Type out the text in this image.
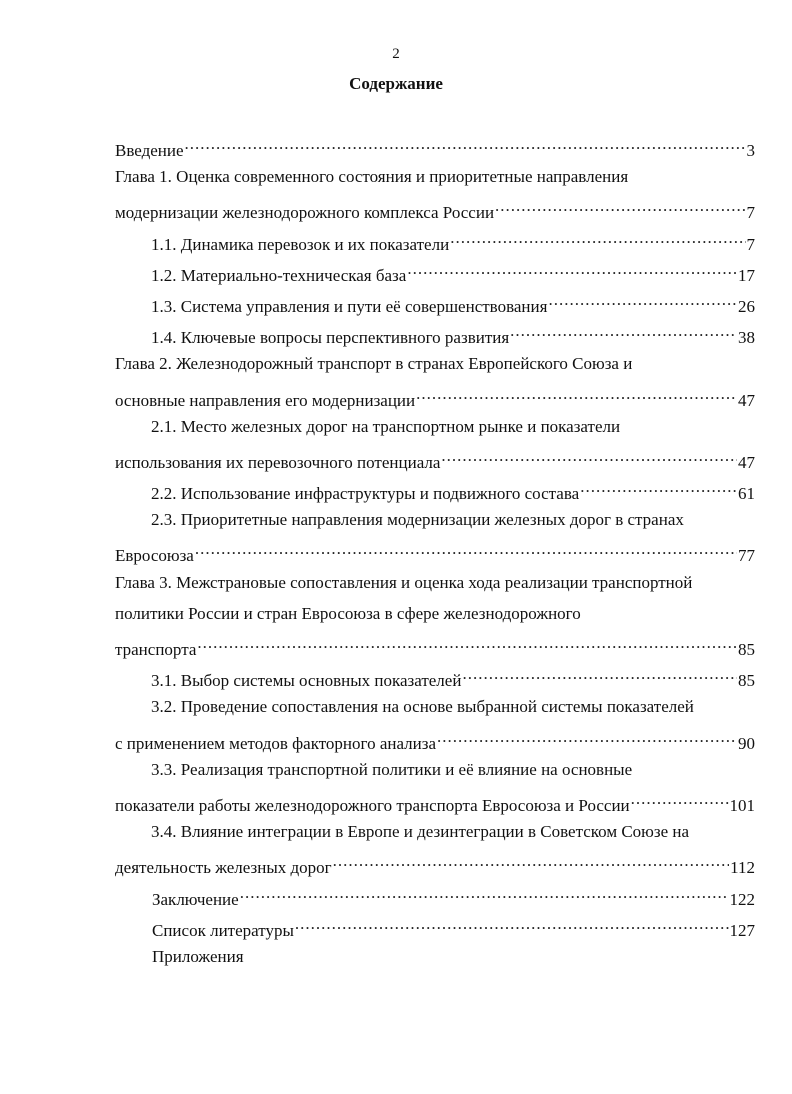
2
Содержание
Введение .....	3
Глава 1. Оценка современного состояния и приоритетные направления
модернизации железнодорожного комплекса России .....	7
1.1. Динамика перевозок и их показатели .....	7
1.2. Материально-техническая база .....	17
1.3. Система управления и пути её совершенствования .....	26
1.4. Ключевые вопросы перспективного развития .....	38
Глава 2. Железнодорожный транспорт в странах Европейского Союза и
основные направления его модернизации .....	47
2.1. Место железных дорог на транспортном рынке и показатели
использования их перевозочного потенциала .....	47
2.2. Использование инфраструктуры и подвижного состава .....	61
2.3. Приоритетные направления модернизации железных дорог в странах
Евросоюза .....	77
Глава 3. Межстрановые сопоставления и оценка хода реализации транспортной
политики России и стран Евросоюза в сфере железнодорожного
транспорта .....	85
3.1. Выбор системы основных показателей .....	85
3.2. Проведение сопоставления на основе выбранной системы показателей
с применением методов факторного анализа .....	90
3.3. Реализация транспортной политики и её влияние на основные
показатели работы железнодорожного транспорта Евросоюза и России .....	101
3.4. Влияние интеграции в Европе и дезинтеграции в Советском Союзе на
деятельность железных дорог .....	112
Заключение .....	122
Список литературы .....	127
Приложения
